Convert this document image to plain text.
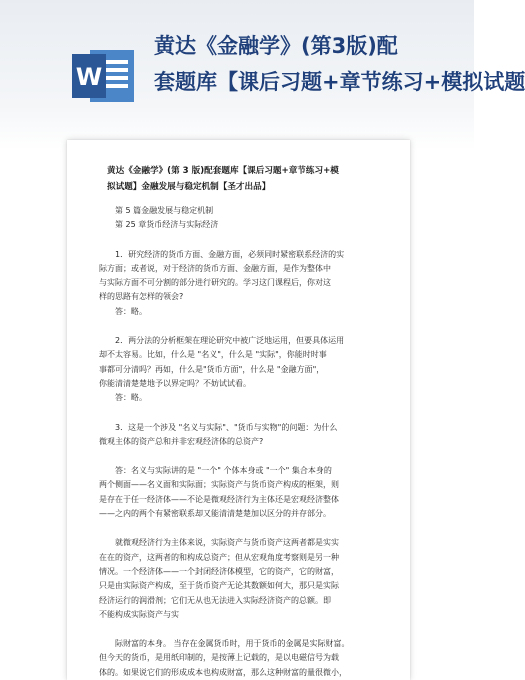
W
黄达《金融学》(第3版)配
套题库【课后习题+章节练习+模拟试题
黄达《金融学》(第 3 版)配套题库【课后习题+章节练习+模
拟试题】金融发展与稳定机制【圣才出品】
第 5 篇金融发展与稳定机制
第 25 章货币经济与实际经济
1．研究经济的货币方面、金融方面，必须同时紧密联系经济的实
际方面；或者说，对于经济的货币方面、金融方面，是作为整体中
与实际方面不可分割的部分进行研究的。学习这门课程后，你对这
样的思路有怎样的领会?
答：略。
2．两分法的分析框架在理论研究中被广泛地运用，但要具体运用
却不太容易。比如，什么是 "名义"，什么是 "实际"，你能时时事
事都可分清吗？再如，什么是"货币方面"，什么是 "金融方面"，
你能清清楚楚地予以界定吗？不妨试试看。
答：略。
3．这是一个涉及 "名义与实际"、"货币与实物"的问题：为什么
微观主体的资产总和并非宏观经济体的总资产?
答：名义与实际讲的是 "一个" 个体本身或 "一个" 集合本身的
两个侧面——名义面和实际面；实际资产与货币资产构成的框架，则
是存在于任一经济体——不论是微观经济行为主体还是宏观经济整体
——之内的两个有紧密联系却又能清清楚楚加以区分的并存部分。
就微观经济行为主体来说，实际资产与货币资产这两者都是实实
在在的资产，这两者的和构成总资产；但从宏观角度考察则是另一种
情况。一个经济体——一个封闭经济体模型，它的资产，它的财富，
只是由实际资产构成，至于货币资产无论其数额如何大，那只是实际
经济运行的润滑剂；它们无从也无法进入实际经济资产的总额。即
不能构成实际资产与实
际财富的本身。 当存在金属货币时，用于货币的金属是实际财富。
但今天的货币，是用纸印制的，是按薄上记载的，是以电磁信号为载
体的。如果说它们的形成成本也构成财富，那么这种财富的量很微小，
